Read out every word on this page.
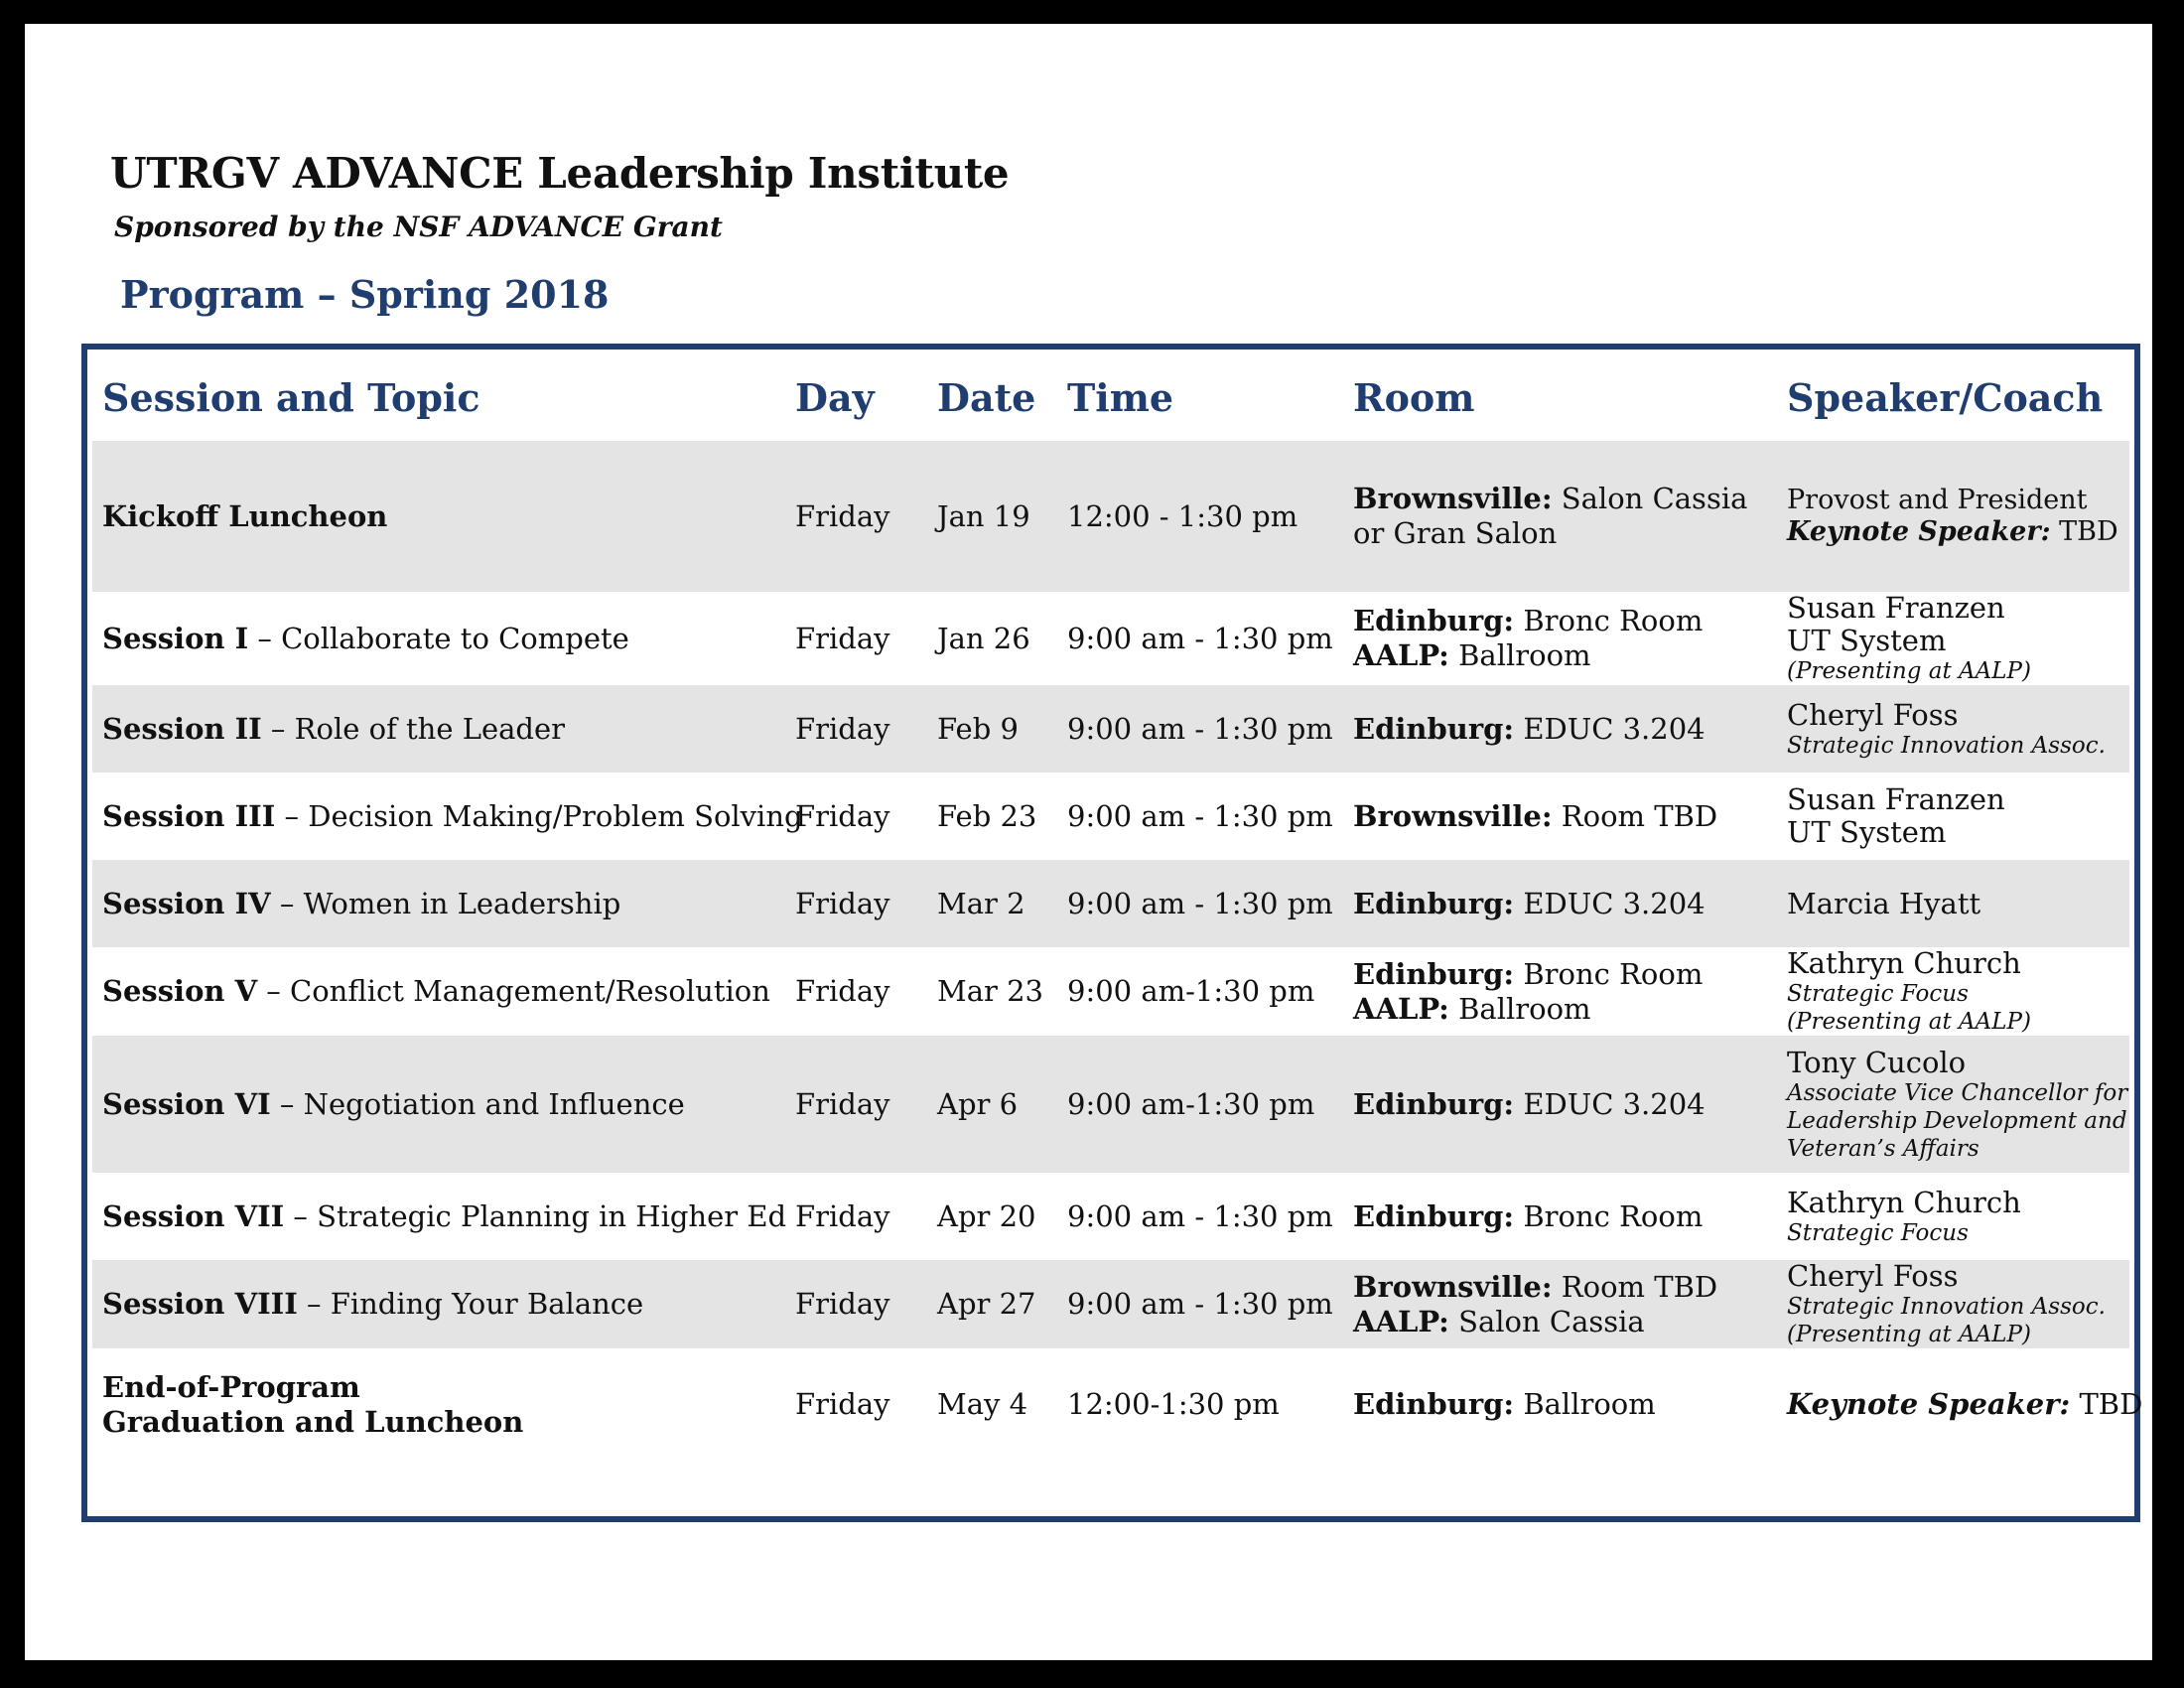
UTRGV ADVANCE Leadership Institute
Sponsored by the NSF ADVANCE Grant
Program – Spring 2018
Session and Topic	Day	Date	Time	Room	Speaker/Coach
Kickoff Luncheon	Friday	Jan 19	12:00 - 1:30 pm	Brownsville: Salon Cassia
or Gran Salon	Provost and President
Keynote Speaker: TBD

Session I – Collaborate to Compete	Friday	Jan 26	9:00 am - 1:30 pm	Edinburg: Bronc Room
AALP: Ballroom	Susan Franzen
UT System
(Presenting at AALP)

Session II – Role of the Leader	Friday	Feb 9	9:00 am - 1:30 pm	Edinburg: EDUC 3.204	Cheryl Foss
Strategic Innovation Assoc.

Session III – Decision Making/Problem Solving	Friday	Feb 23	9:00 am - 1:30 pm	Brownsville: Room TBD	Susan Franzen
UT System

Session IV – Women in Leadership	Friday	Mar 2	9:00 am - 1:30 pm	Edinburg: EDUC 3.204	Marcia Hyatt

Session V – Conflict Management/Resolution	Friday	Mar 23	9:00 am-1:30 pm	Edinburg: Bronc Room
AALP: Ballroom	Kathryn Church
Strategic Focus
(Presenting at AALP)

Session VI – Negotiation and Influence	Friday	Apr 6	9:00 am-1:30 pm	Edinburg: EDUC 3.204	Tony Cucolo
Associate Vice Chancellor for
Leadership Development and
Veteran’s Affairs

Session VII – Strategic Planning in Higher Ed	Friday	Apr 20	9:00 am - 1:30 pm	Edinburg: Bronc Room	Kathryn Church
Strategic Focus

Session VIII – Finding Your Balance	Friday	Apr 27	9:00 am - 1:30 pm	Brownsville: Room TBD
AALP: Salon Cassia	Cheryl Foss
Strategic Innovation Assoc.
(Presenting at AALP)

End-of-Program
Graduation and Luncheon	Friday	May 4	12:00-1:30 pm	Edinburg: Ballroom	Keynote Speaker: TBD
